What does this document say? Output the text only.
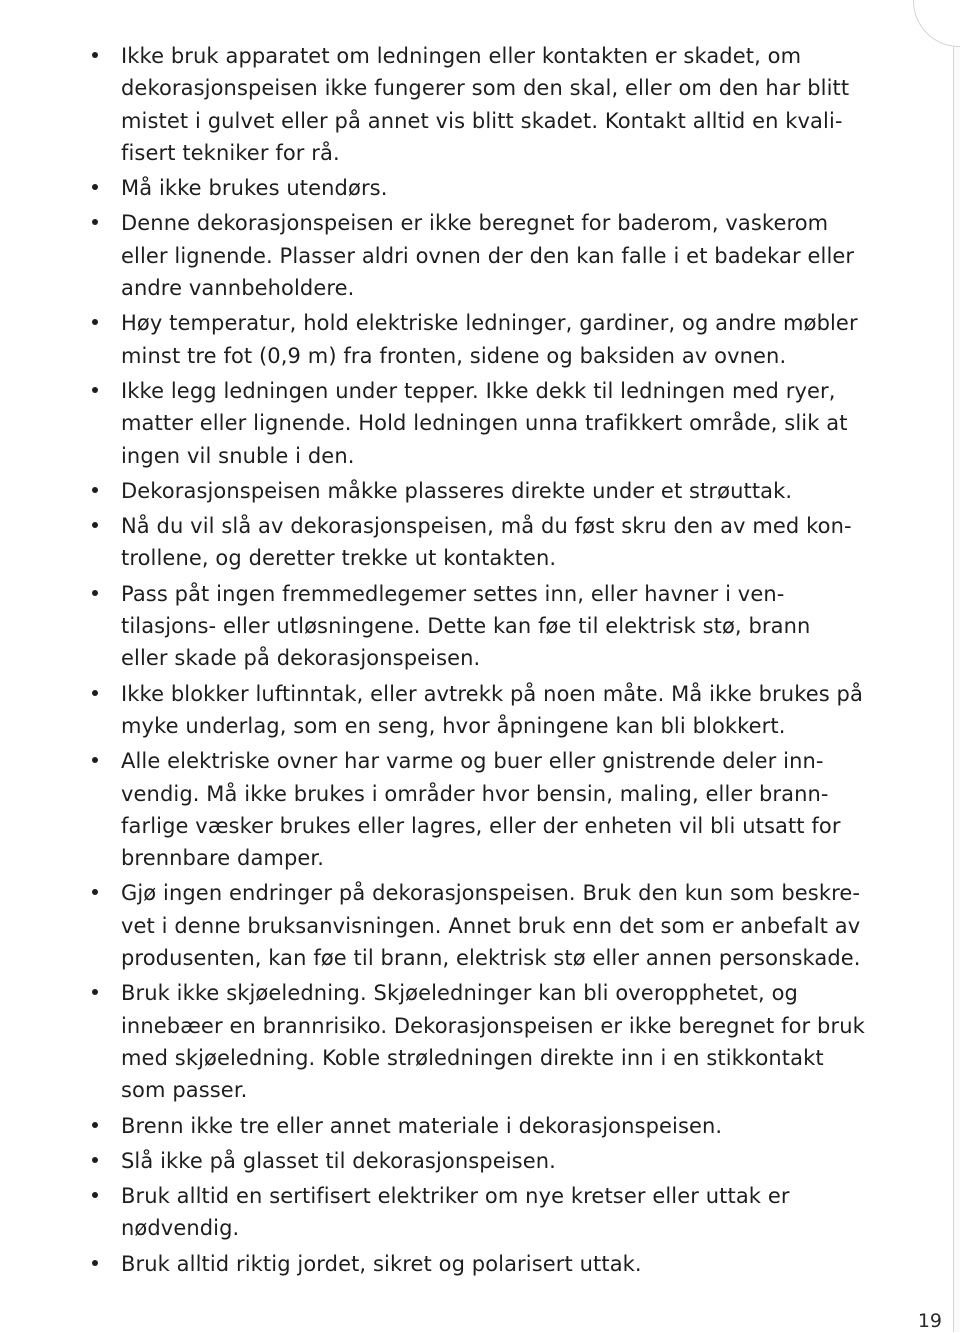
Ikke bruk apparatet om ledningen eller kontakten er skadet, om
dekorasjonspeisen ikke fungerer som den skal, eller om den har blitt
mistet i gulvet eller på annet vis blitt skadet. Kontakt alltid en kvali-
fisert tekniker for rå.
Må ikke brukes utendørs.
Denne dekorasjonspeisen er ikke beregnet for baderom, vaskerom
eller lignende. Plasser aldri ovnen der den kan falle i et badekar eller
andre vannbeholdere.
Høy temperatur, hold elektriske ledninger, gardiner, og andre møbler
minst tre fot (0,9 m) fra fronten, sidene og baksiden av ovnen.
Ikke legg ledningen under tepper. Ikke dekk til ledningen med ryer,
matter eller lignende. Hold ledningen unna trafikkert område, slik at
ingen vil snuble i den.
Dekorasjonspeisen måkke plasseres direkte under et strøuttak.
Nå du vil slå av dekorasjonspeisen, må du føst skru den av med kon-
trollene, og deretter trekke ut kontakten.
Pass påt ingen fremmedlegemer settes inn, eller havner i ven-
tilasjons- eller utløsningene. Dette kan føe til elektrisk stø, brann
eller skade på dekorasjonspeisen.
Ikke blokker luftinntak, eller avtrekk på noen måte. Må ikke brukes på
myke underlag, som en seng, hvor åpningene kan bli blokkert.
Alle elektriske ovner har varme og buer eller gnistrende deler inn-
vendig. Må ikke brukes i områder hvor bensin, maling, eller brann-
farlige væsker brukes eller lagres, eller der enheten vil bli utsatt for
brennbare damper.
Gjø ingen endringer på dekorasjonspeisen. Bruk den kun som beskre-
vet i denne bruksanvisningen. Annet bruk enn det som er anbefalt av
produsenten, kan føe til brann, elektrisk stø eller annen personskade.
Bruk ikke skjøeledning. Skjøeledninger kan bli overopphetet, og
innebæer en brannrisiko. Dekorasjonspeisen er ikke beregnet for bruk
med skjøeledning. Koble strøledningen direkte inn i en stikkontakt
som passer.
Brenn ikke tre eller annet materiale i dekorasjonspeisen.
Slå ikke på glasset til dekorasjonspeisen.
Bruk alltid en sertifisert elektriker om nye kretser eller uttak er
nødvendig.
Bruk alltid riktig jordet, sikret og polarisert uttak.
19
